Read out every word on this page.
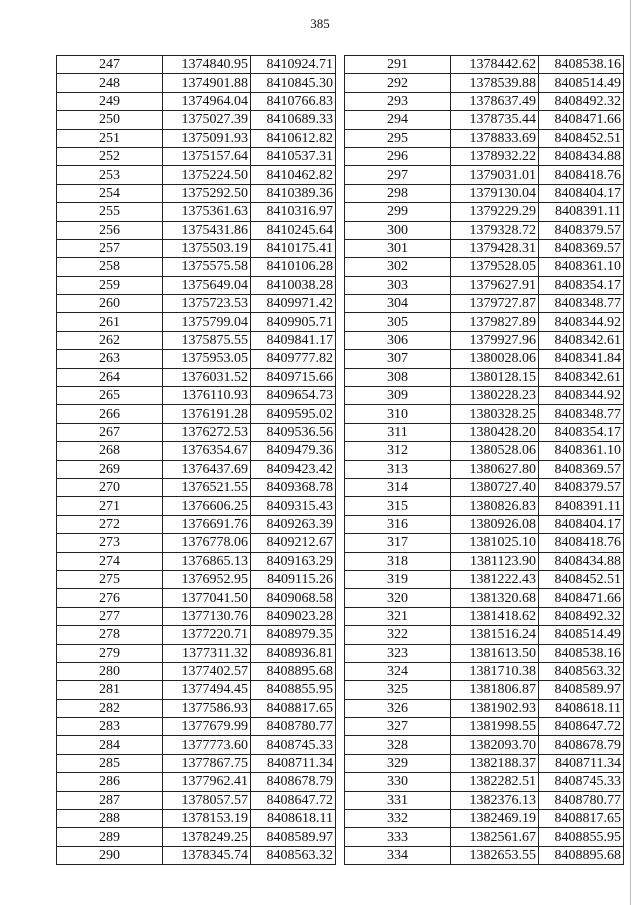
385
247	1374840.95	8410924.71
248	1374901.88	8410845.30
249	1374964.04	8410766.83
250	1375027.39	8410689.33
251	1375091.93	8410612.82
252	1375157.64	8410537.31
253	1375224.50	8410462.82
254	1375292.50	8410389.36
255	1375361.63	8410316.97
256	1375431.86	8410245.64
257	1375503.19	8410175.41
258	1375575.58	8410106.28
259	1375649.04	8410038.28
260	1375723.53	8409971.42
261	1375799.04	8409905.71
262	1375875.55	8409841.17
263	1375953.05	8409777.82
264	1376031.52	8409715.66
265	1376110.93	8409654.73
266	1376191.28	8409595.02
267	1376272.53	8409536.56
268	1376354.67	8409479.36
269	1376437.69	8409423.42
270	1376521.55	8409368.78
271	1376606.25	8409315.43
272	1376691.76	8409263.39
273	1376778.06	8409212.67
274	1376865.13	8409163.29
275	1376952.95	8409115.26
276	1377041.50	8409068.58
277	1377130.76	8409023.28
278	1377220.71	8408979.35
279	1377311.32	8408936.81
280	1377402.57	8408895.68
281	1377494.45	8408855.95
282	1377586.93	8408817.65
283	1377679.99	8408780.77
284	1377773.60	8408745.33
285	1377867.75	8408711.34
286	1377962.41	8408678.79
287	1378057.57	8408647.72
288	1378153.19	8408618.11
289	1378249.25	8408589.97
290	1378345.74	8408563.32
291	1378442.62	8408538.16
292	1378539.88	8408514.49
293	1378637.49	8408492.32
294	1378735.44	8408471.66
295	1378833.69	8408452.51
296	1378932.22	8408434.88
297	1379031.01	8408418.76
298	1379130.04	8408404.17
299	1379229.29	8408391.11
300	1379328.72	8408379.57
301	1379428.31	8408369.57
302	1379528.05	8408361.10
303	1379627.91	8408354.17
304	1379727.87	8408348.77
305	1379827.89	8408344.92
306	1379927.96	8408342.61
307	1380028.06	8408341.84
308	1380128.15	8408342.61
309	1380228.23	8408344.92
310	1380328.25	8408348.77
311	1380428.20	8408354.17
312	1380528.06	8408361.10
313	1380627.80	8408369.57
314	1380727.40	8408379.57
315	1380826.83	8408391.11
316	1380926.08	8408404.17
317	1381025.10	8408418.76
318	1381123.90	8408434.88
319	1381222.43	8408452.51
320	1381320.68	8408471.66
321	1381418.62	8408492.32
322	1381516.24	8408514.49
323	1381613.50	8408538.16
324	1381710.38	8408563.32
325	1381806.87	8408589.97
326	1381902.93	8408618.11
327	1381998.55	8408647.72
328	1382093.70	8408678.79
329	1382188.37	8408711.34
330	1382282.51	8408745.33
331	1382376.13	8408780.77
332	1382469.19	8408817.65
333	1382561.67	8408855.95
334	1382653.55	8408895.68
